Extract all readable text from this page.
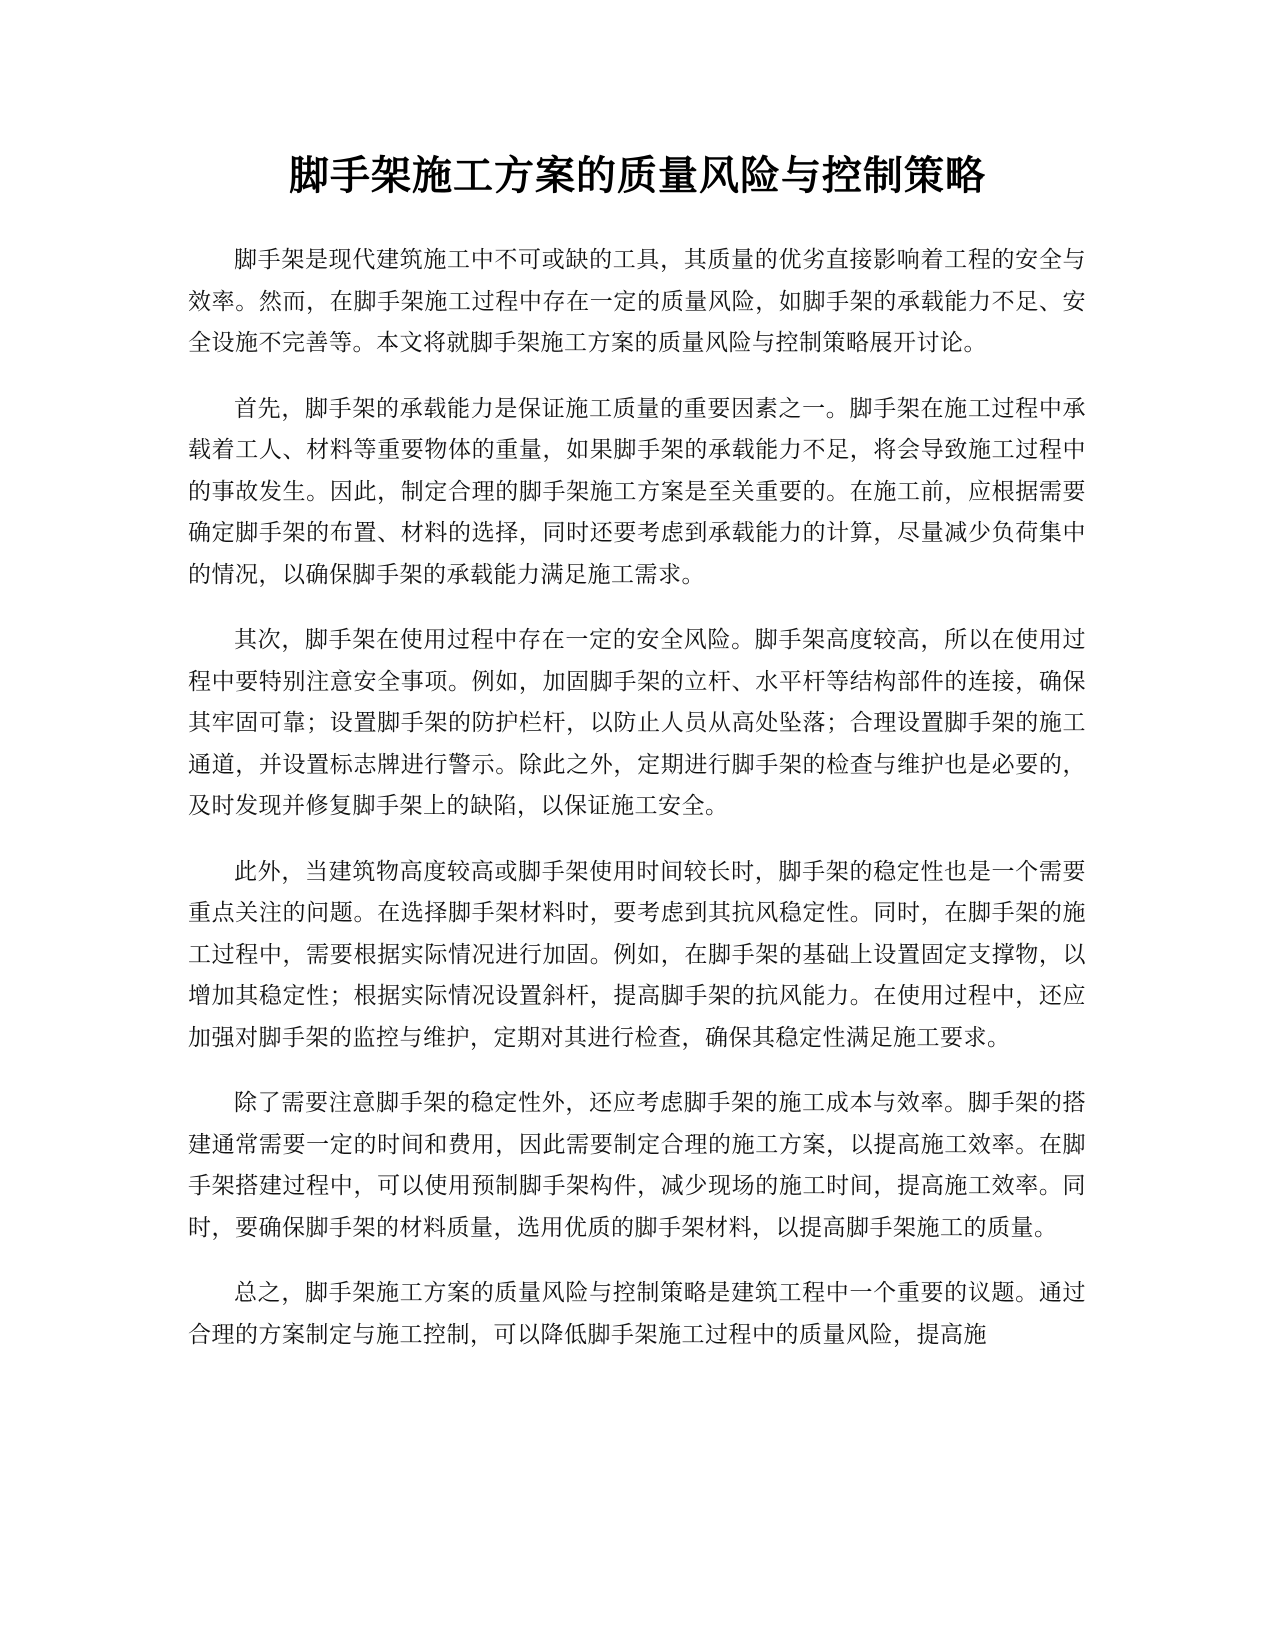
脚手架施工方案的质量风险与控制策略

脚手架是现代建筑施工中不可或缺的工具，其质量的优劣直接影响着工程的安全与效率。然而，在脚手架施工过程中存在一定的质量风险，如脚手架的承载能力不足、安全设施不完善等。本文将就脚手架施工方案的质量风险与控制策略展开讨论。

首先，脚手架的承载能力是保证施工质量的重要因素之一。脚手架在施工过程中承载着工人、材料等重要物体的重量，如果脚手架的承载能力不足，将会导致施工过程中的事故发生。因此，制定合理的脚手架施工方案是至关重要的。在施工前，应根据需要确定脚手架的布置、材料的选择，同时还要考虑到承载能力的计算，尽量减少负荷集中的情况，以确保脚手架的承载能力满足施工需求。

其次，脚手架在使用过程中存在一定的安全风险。脚手架高度较高，所以在使用过程中要特别注意安全事项。例如，加固脚手架的立杆、水平杆等结构部件的连接，确保其牢固可靠；设置脚手架的防护栏杆，以防止人员从高处坠落；合理设置脚手架的施工通道，并设置标志牌进行警示。除此之外，定期进行脚手架的检查与维护也是必要的，及时发现并修复脚手架上的缺陷，以保证施工安全。

此外，当建筑物高度较高或脚手架使用时间较长时，脚手架的稳定性也是一个需要重点关注的问题。在选择脚手架材料时，要考虑到其抗风稳定性。同时，在脚手架的施工过程中，需要根据实际情况进行加固。例如，在脚手架的基础上设置固定支撑物，以增加其稳定性；根据实际情况设置斜杆，提高脚手架的抗风能力。在使用过程中，还应加强对脚手架的监控与维护，定期对其进行检查，确保其稳定性满足施工要求。

除了需要注意脚手架的稳定性外，还应考虑脚手架的施工成本与效率。脚手架的搭建通常需要一定的时间和费用，因此需要制定合理的施工方案，以提高施工效率。在脚手架搭建过程中，可以使用预制脚手架构件，减少现场的施工时间，提高施工效率。同时，要确保脚手架的材料质量，选用优质的脚手架材料，以提高脚手架施工的质量。

总之，脚手架施工方案的质量风险与控制策略是建筑工程中一个重要的议题。通过合理的方案制定与施工控制，可以降低脚手架施工过程中的质量风险，提高施
